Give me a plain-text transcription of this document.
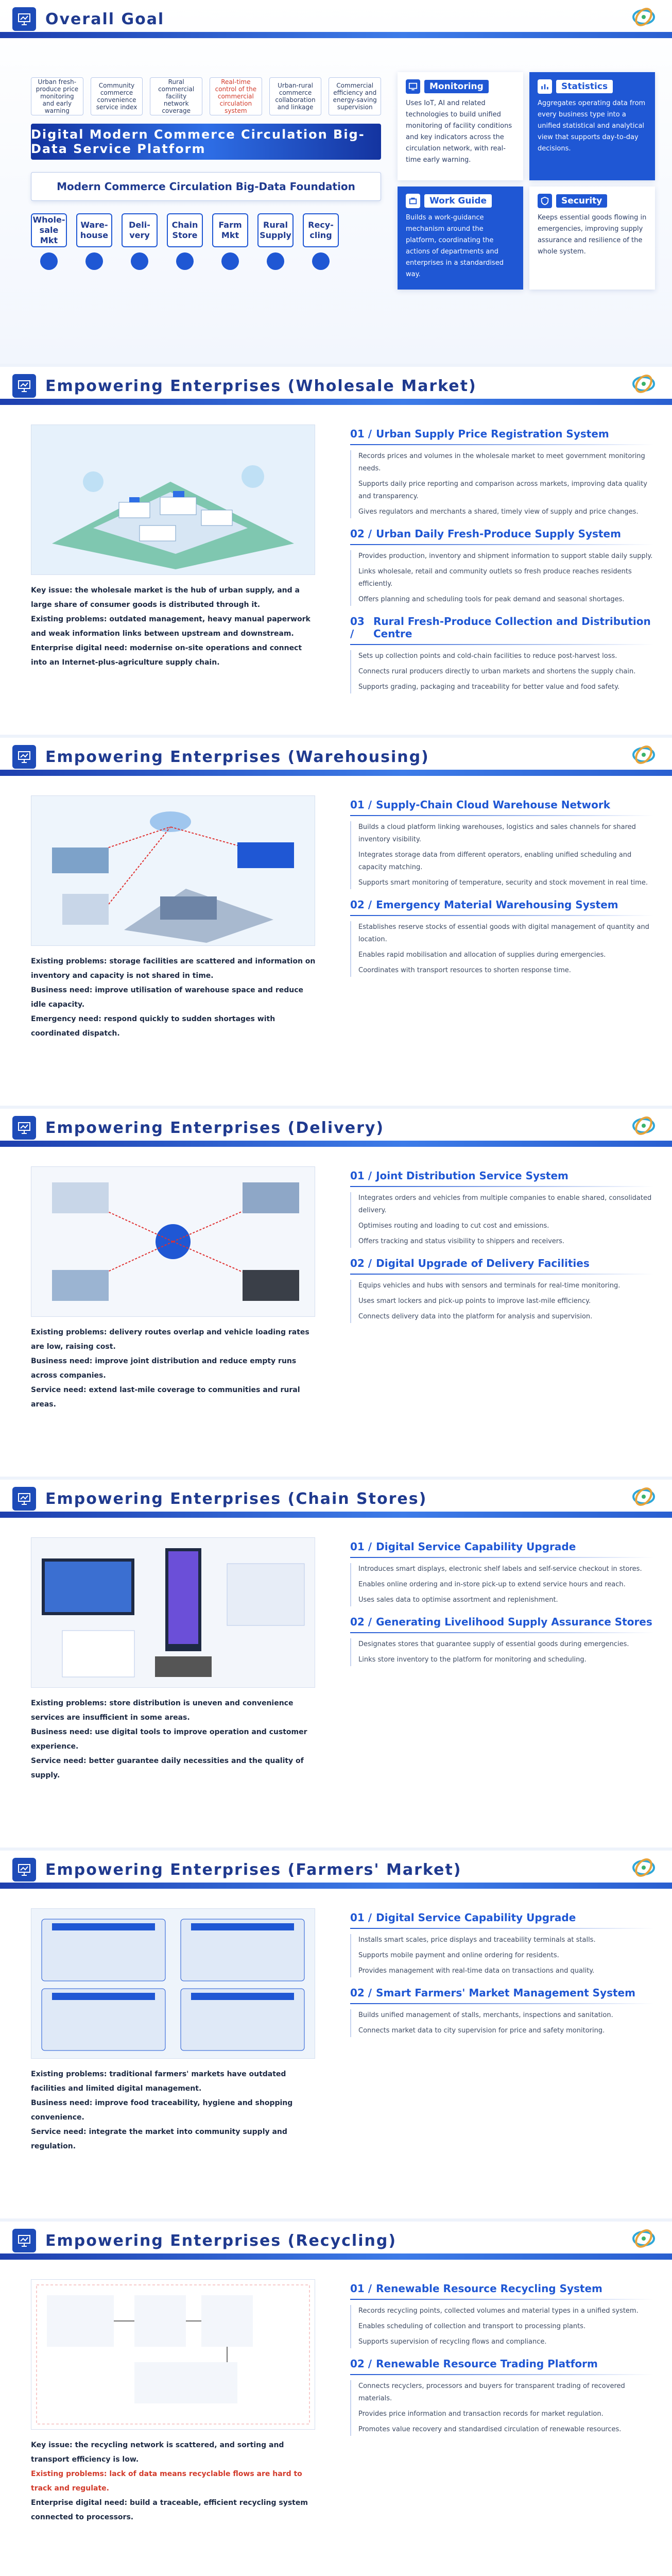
Overall Goal
Urban fresh-produce price monitoring and early warning
Community commerce convenience service index
Rural commercial facility network coverage
Real-time control of the commercial circulation system
Urban-rural commerce collaboration and linkage
Commercial efficiency and energy-saving supervision
Digital Modern Commerce Circulation Big-Data Service Platform
Modern Commerce Circulation Big-Data Foundation
Whole-sale Mkt
Ware-house
Deli-very
Chain Store
Farm Mkt
Rural Supply
Recy-cling
Monitoring
Uses IoT, AI and related technologies to build unified monitoring of facility conditions and key indicators across the circulation network, with real-time early warning.
Statistics
Aggregates operating data from every business type into a unified statistical and analytical view that supports day-to-day decisions.
Work Guide
Builds a work-guidance mechanism around the platform, coordinating the actions of departments and enterprises in a standardised way.
Security
Keeps essential goods flowing in emergencies, improving supply assurance and resilience of the whole system.
Empowering Enterprises (Wholesale Market)
Key issue: the wholesale market is the hub of urban supply, and a large share of consumer goods is distributed through it.
Existing problems: outdated management, heavy manual paperwork and weak information links between upstream and downstream.
Enterprise digital need: modernise on-site operations and connect into an Internet-plus-agriculture supply chain.
01 / Urban Supply Price Registration System

Records prices and volumes in the wholesale market to meet government monitoring needs.

Supports daily price reporting and comparison across markets, improving data quality and transparency.

Gives regulators and merchants a shared, timely view of supply and price changes.

02 / Urban Daily Fresh-Produce Supply System

Provides production, inventory and shipment information to support stable daily supply.

Links wholesale, retail and community outlets so fresh produce reaches residents efficiently.

Offers planning and scheduling tools for peak demand and seasonal shortages.

03 /
Rural Fresh-Produce Collection and Distribution Centre

Sets up collection points and cold-chain facilities to reduce post-harvest loss.

Connects rural producers directly to urban markets and shortens the supply chain.

Supports grading, packaging and traceability for better value and food safety.

Empowering Enterprises (Warehousing)
Existing problems: storage facilities are scattered and information on inventory and capacity is not shared in time.
Business need: improve utilisation of warehouse space and reduce idle capacity.
Emergency need: respond quickly to sudden shortages with coordinated dispatch.
01 / Supply-Chain Cloud Warehouse Network

Builds a cloud platform linking warehouses, logistics and sales channels for shared inventory visibility.

Integrates storage data from different operators, enabling unified scheduling and capacity matching.

Supports smart monitoring of temperature, security and stock movement in real time.

02 / Emergency Material Warehousing System

Establishes reserve stocks of essential goods with digital management of quantity and location.

Enables rapid mobilisation and allocation of supplies during emergencies.

Coordinates with transport resources to shorten response time.

Empowering Enterprises (Delivery)
Existing problems: delivery routes overlap and vehicle loading rates are low, raising cost.
Business need: improve joint distribution and reduce empty runs across companies.
Service need: extend last-mile coverage to communities and rural areas.
01 / Joint Distribution Service System

Integrates orders and vehicles from multiple companies to enable shared, consolidated delivery.

Optimises routing and loading to cut cost and emissions.

Offers tracking and status visibility to shippers and receivers.

02 / Digital Upgrade of Delivery Facilities

Equips vehicles and hubs with sensors and terminals for real-time monitoring.

Uses smart lockers and pick-up points to improve last-mile efficiency.

Connects delivery data into the platform for analysis and supervision.

Empowering Enterprises (Chain Stores)
Existing problems: store distribution is uneven and convenience services are insufficient in some areas.
Business need: use digital tools to improve operation and customer experience.
Service need: better guarantee daily necessities and the quality of supply.
01 / Digital Service Capability Upgrade

Introduces smart displays, electronic shelf labels and self-service checkout in stores.

Enables online ordering and in-store pick-up to extend service hours and reach.

Uses sales data to optimise assortment and replenishment.

02 / Generating Livelihood Supply Assurance Stores

Designates stores that guarantee supply of essential goods during emergencies.

Links store inventory to the platform for monitoring and scheduling.

Empowering Enterprises (Farmers' Market)
Existing problems: traditional farmers' markets have outdated facilities and limited digital management.
Business need: improve food traceability, hygiene and shopping convenience.
Service need: integrate the market into community supply and regulation.
01 / Digital Service Capability Upgrade

Installs smart scales, price displays and traceability terminals at stalls.

Supports mobile payment and online ordering for residents.

Provides management with real-time data on transactions and quality.

02 / Smart Farmers' Market Management System

Builds unified management of stalls, merchants, inspections and sanitation.

Connects market data to city supervision for price and safety monitoring.

Empowering Enterprises (Recycling)
Key issue: the recycling network is scattered, and sorting and transport efficiency is low.
Existing problems: lack of data means recyclable flows are hard to track and regulate.
Enterprise digital need: build a traceable, efficient recycling system connected to processors.
01 / Renewable Resource Recycling System

Records recycling points, collected volumes and material types in a unified system.

Enables scheduling of collection and transport to processing plants.

Supports supervision of recycling flows and compliance.

02 / Renewable Resource Trading Platform

Connects recyclers, processors and buyers for transparent trading of recovered materials.

Provides price information and transaction records for market regulation.

Promotes value recovery and standardised circulation of renewable resources.
